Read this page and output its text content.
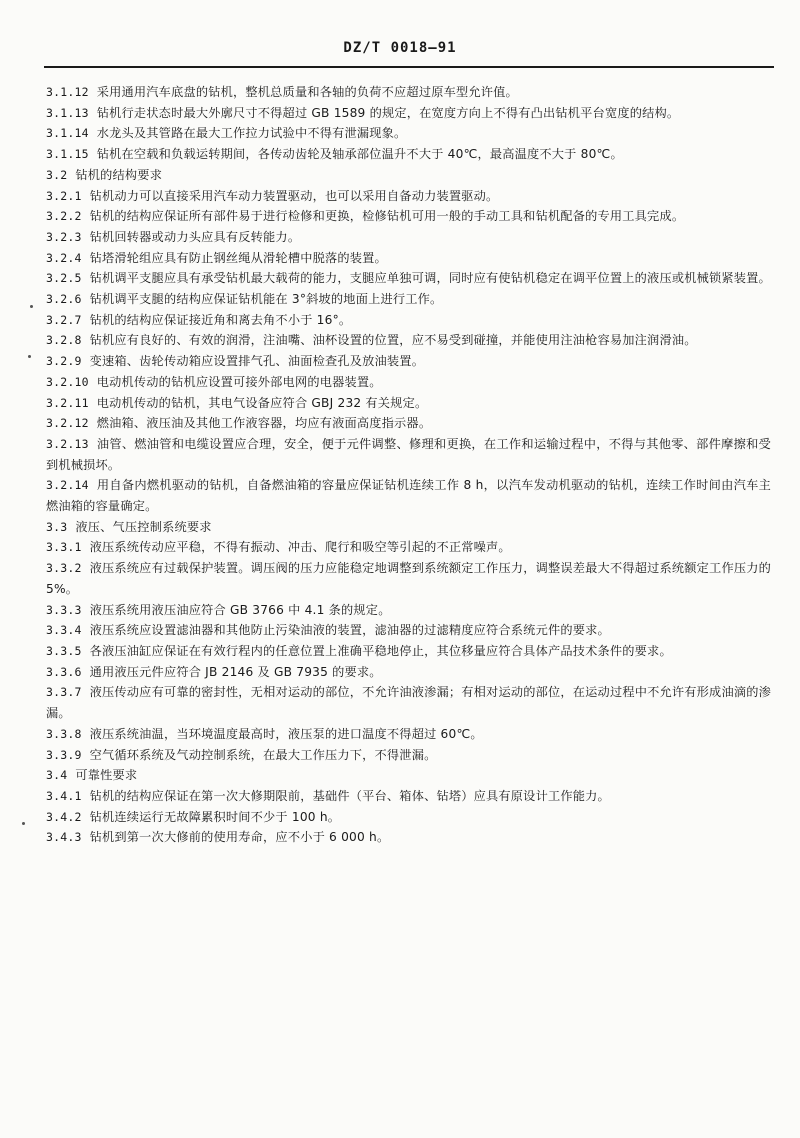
DZ/T 0018—91

3.1.12 采用通用汽车底盘的钻机，整机总质量和各轴的负荷不应超过原车型允许值。

3.1.13 钻机行走状态时最大外廓尺寸不得超过 GB 1589 的规定，在宽度方向上不得有凸出钻机平台宽度的结构。

3.1.14 水龙头及其管路在最大工作拉力试验中不得有泄漏现象。

3.1.15 钻机在空载和负载运转期间，各传动齿轮及轴承部位温升不大于 40℃，最高温度不大于 80℃。

3.2 钻机的结构要求

3.2.1 钻机动力可以直接采用汽车动力装置驱动，也可以采用自备动力装置驱动。

3.2.2 钻机的结构应保证所有部件易于进行检修和更换，检修钻机可用一般的手动工具和钻机配备的专用工具完成。

3.2.3 钻机回转器或动力头应具有反转能力。

3.2.4 钻塔滑轮组应具有防止钢丝绳从滑轮槽中脱落的装置。

3.2.5 钻机调平支腿应具有承受钻机最大载荷的能力，支腿应单独可调，同时应有使钻机稳定在调平位置上的液压或机械锁紧装置。

3.2.6 钻机调平支腿的结构应保证钻机能在 3°斜坡的地面上进行工作。

3.2.7 钻机的结构应保证接近角和离去角不小于 16°。

3.2.8 钻机应有良好的、有效的润滑，注油嘴、油杯设置的位置，应不易受到碰撞，并能使用注油枪容易加注润滑油。

3.2.9 变速箱、齿轮传动箱应设置排气孔、油面检查孔及放油装置。

3.2.10 电动机传动的钻机应设置可接外部电网的电器装置。

3.2.11 电动机传动的钻机，其电气设备应符合 GBJ 232 有关规定。

3.2.12 燃油箱、液压油及其他工作液容器，均应有液面高度指示器。

3.2.13 油管、燃油管和电缆设置应合理，安全，便于元件调整、修理和更换，在工作和运输过程中，不得与其他零、部件摩擦和受到机械损坏。

3.2.14 用自备内燃机驱动的钻机，自备燃油箱的容量应保证钻机连续工作 8 h，以汽车发动机驱动的钻机，连续工作时间由汽车主燃油箱的容量确定。

3.3 液压、气压控制系统要求

3.3.1 液压系统传动应平稳，不得有振动、冲击、爬行和吸空等引起的不正常噪声。

3.3.2 液压系统应有过载保护装置。调压阀的压力应能稳定地调整到系统额定工作压力，调整误差最大不得超过系统额定工作压力的 5%。

3.3.3 液压系统用液压油应符合 GB 3766 中 4.1 条的规定。

3.3.4 液压系统应设置滤油器和其他防止污染油液的装置，滤油器的过滤精度应符合系统元件的要求。

3.3.5 各液压油缸应保证在有效行程内的任意位置上准确平稳地停止，其位移量应符合具体产品技术条件的要求。

3.3.6 通用液压元件应符合 JB 2146 及 GB 7935 的要求。

3.3.7 液压传动应有可靠的密封性，无相对运动的部位，不允许油液渗漏；有相对运动的部位，在运动过程中不允许有形成油滴的渗漏。

3.3.8 液压系统油温，当环境温度最高时，液压泵的进口温度不得超过 60℃。

3.3.9 空气循环系统及气动控制系统，在最大工作压力下，不得泄漏。

3.4 可靠性要求

3.4.1 钻机的结构应保证在第一次大修期限前，基础件（平台、箱体、钻塔）应具有原设计工作能力。

3.4.2 钻机连续运行无故障累积时间不少于 100 h。

3.4.3 钻机到第一次大修前的使用寿命，应不小于 6 000 h。
